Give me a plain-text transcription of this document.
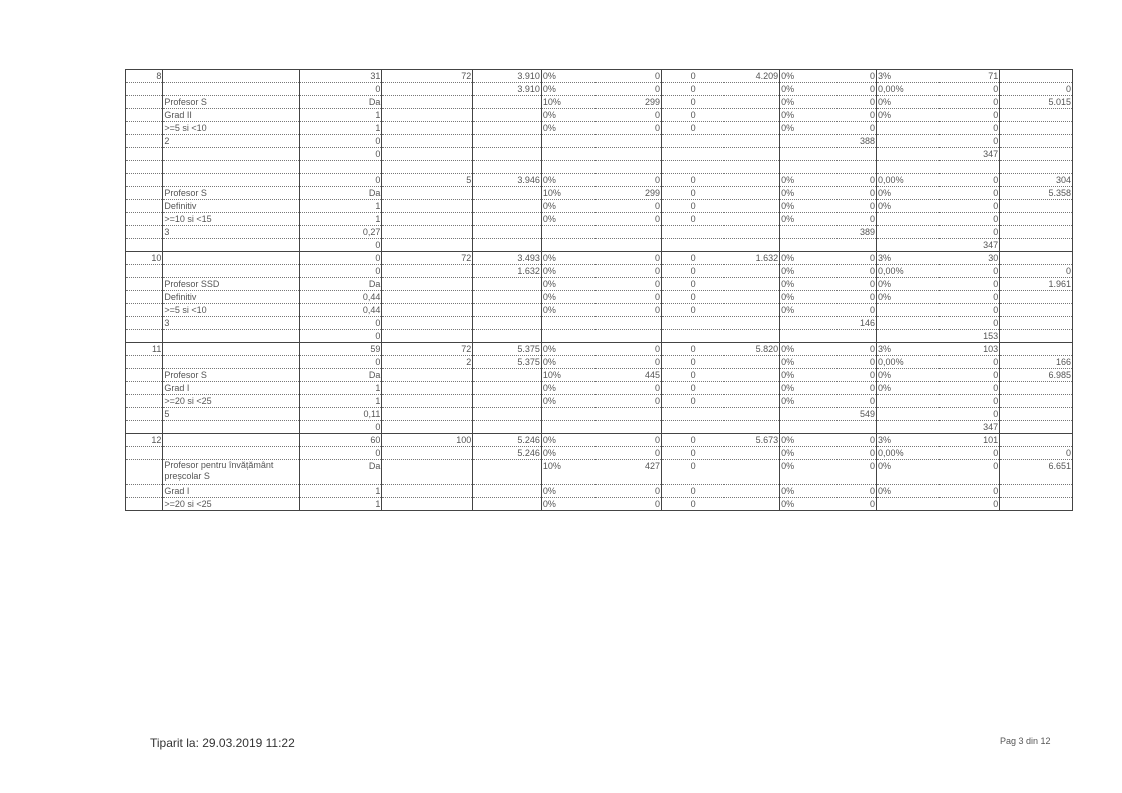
8		31	72	3.910	0%	0	0	4.209	0%	0	3%	71	
		0		3.910	0%	0	0		0%	0	0,00%	0	0
	Profesor S	Da			10%	299	0		0%	0	0%	0	5.015
	Grad II	1			0%	0	0		0%	0	0%	0	
	>=5 si <10	1			0%	0	0		0%	0		0	
	2	0								388		0	
		0										347	

		0	5	3.946	0%	0	0		0%	0	0,00%	0	304
	Profesor S	Da			10%	299	0		0%	0	0%	0	5.358
	Definitiv	1			0%	0	0		0%	0	0%	0	
	>=10 si <15	1			0%	0	0		0%	0		0	
	3	0,27								389		0	
		0										347	
10		0	72	3.493	0%	0	0	1.632	0%	0	3%	30	
		0		1.632	0%	0	0		0%	0	0,00%	0	0
	Profesor SSD	Da			0%	0	0		0%	0	0%	0	1.961
	Definitiv	0,44			0%	0	0		0%	0	0%	0	
	>=5 si <10	0,44			0%	0	0		0%	0		0	
	3	0								146		0	
		0										153	
11		59	72	5.375	0%	0	0	5.820	0%	0	3%	103	
		0	2	5.375	0%	0	0		0%	0	0,00%	0	166
	Profesor S	Da			10%	445	0		0%	0	0%	0	6.985
	Grad I	1			0%	0	0		0%	0	0%	0	
	>=20 si <25	1			0%	0	0		0%	0		0	
	5	0,11								549		0	
		0										347	
12		60	100	5.246	0%	0	0	5.673	0%	0	3%	101	
		0		5.246	0%	0	0		0%	0	0,00%	0	0
	Profesor pentru învățământ preșcolar S	Da			10%	427	0		0%	0	0%	0	6.651
	Grad I	1			0%	0	0		0%	0	0%	0	
	>=20 si <25	1			0%	0	0		0%	0		0	
Tiparit la: 29.03.2019 11:22	Pag 3 din 12
